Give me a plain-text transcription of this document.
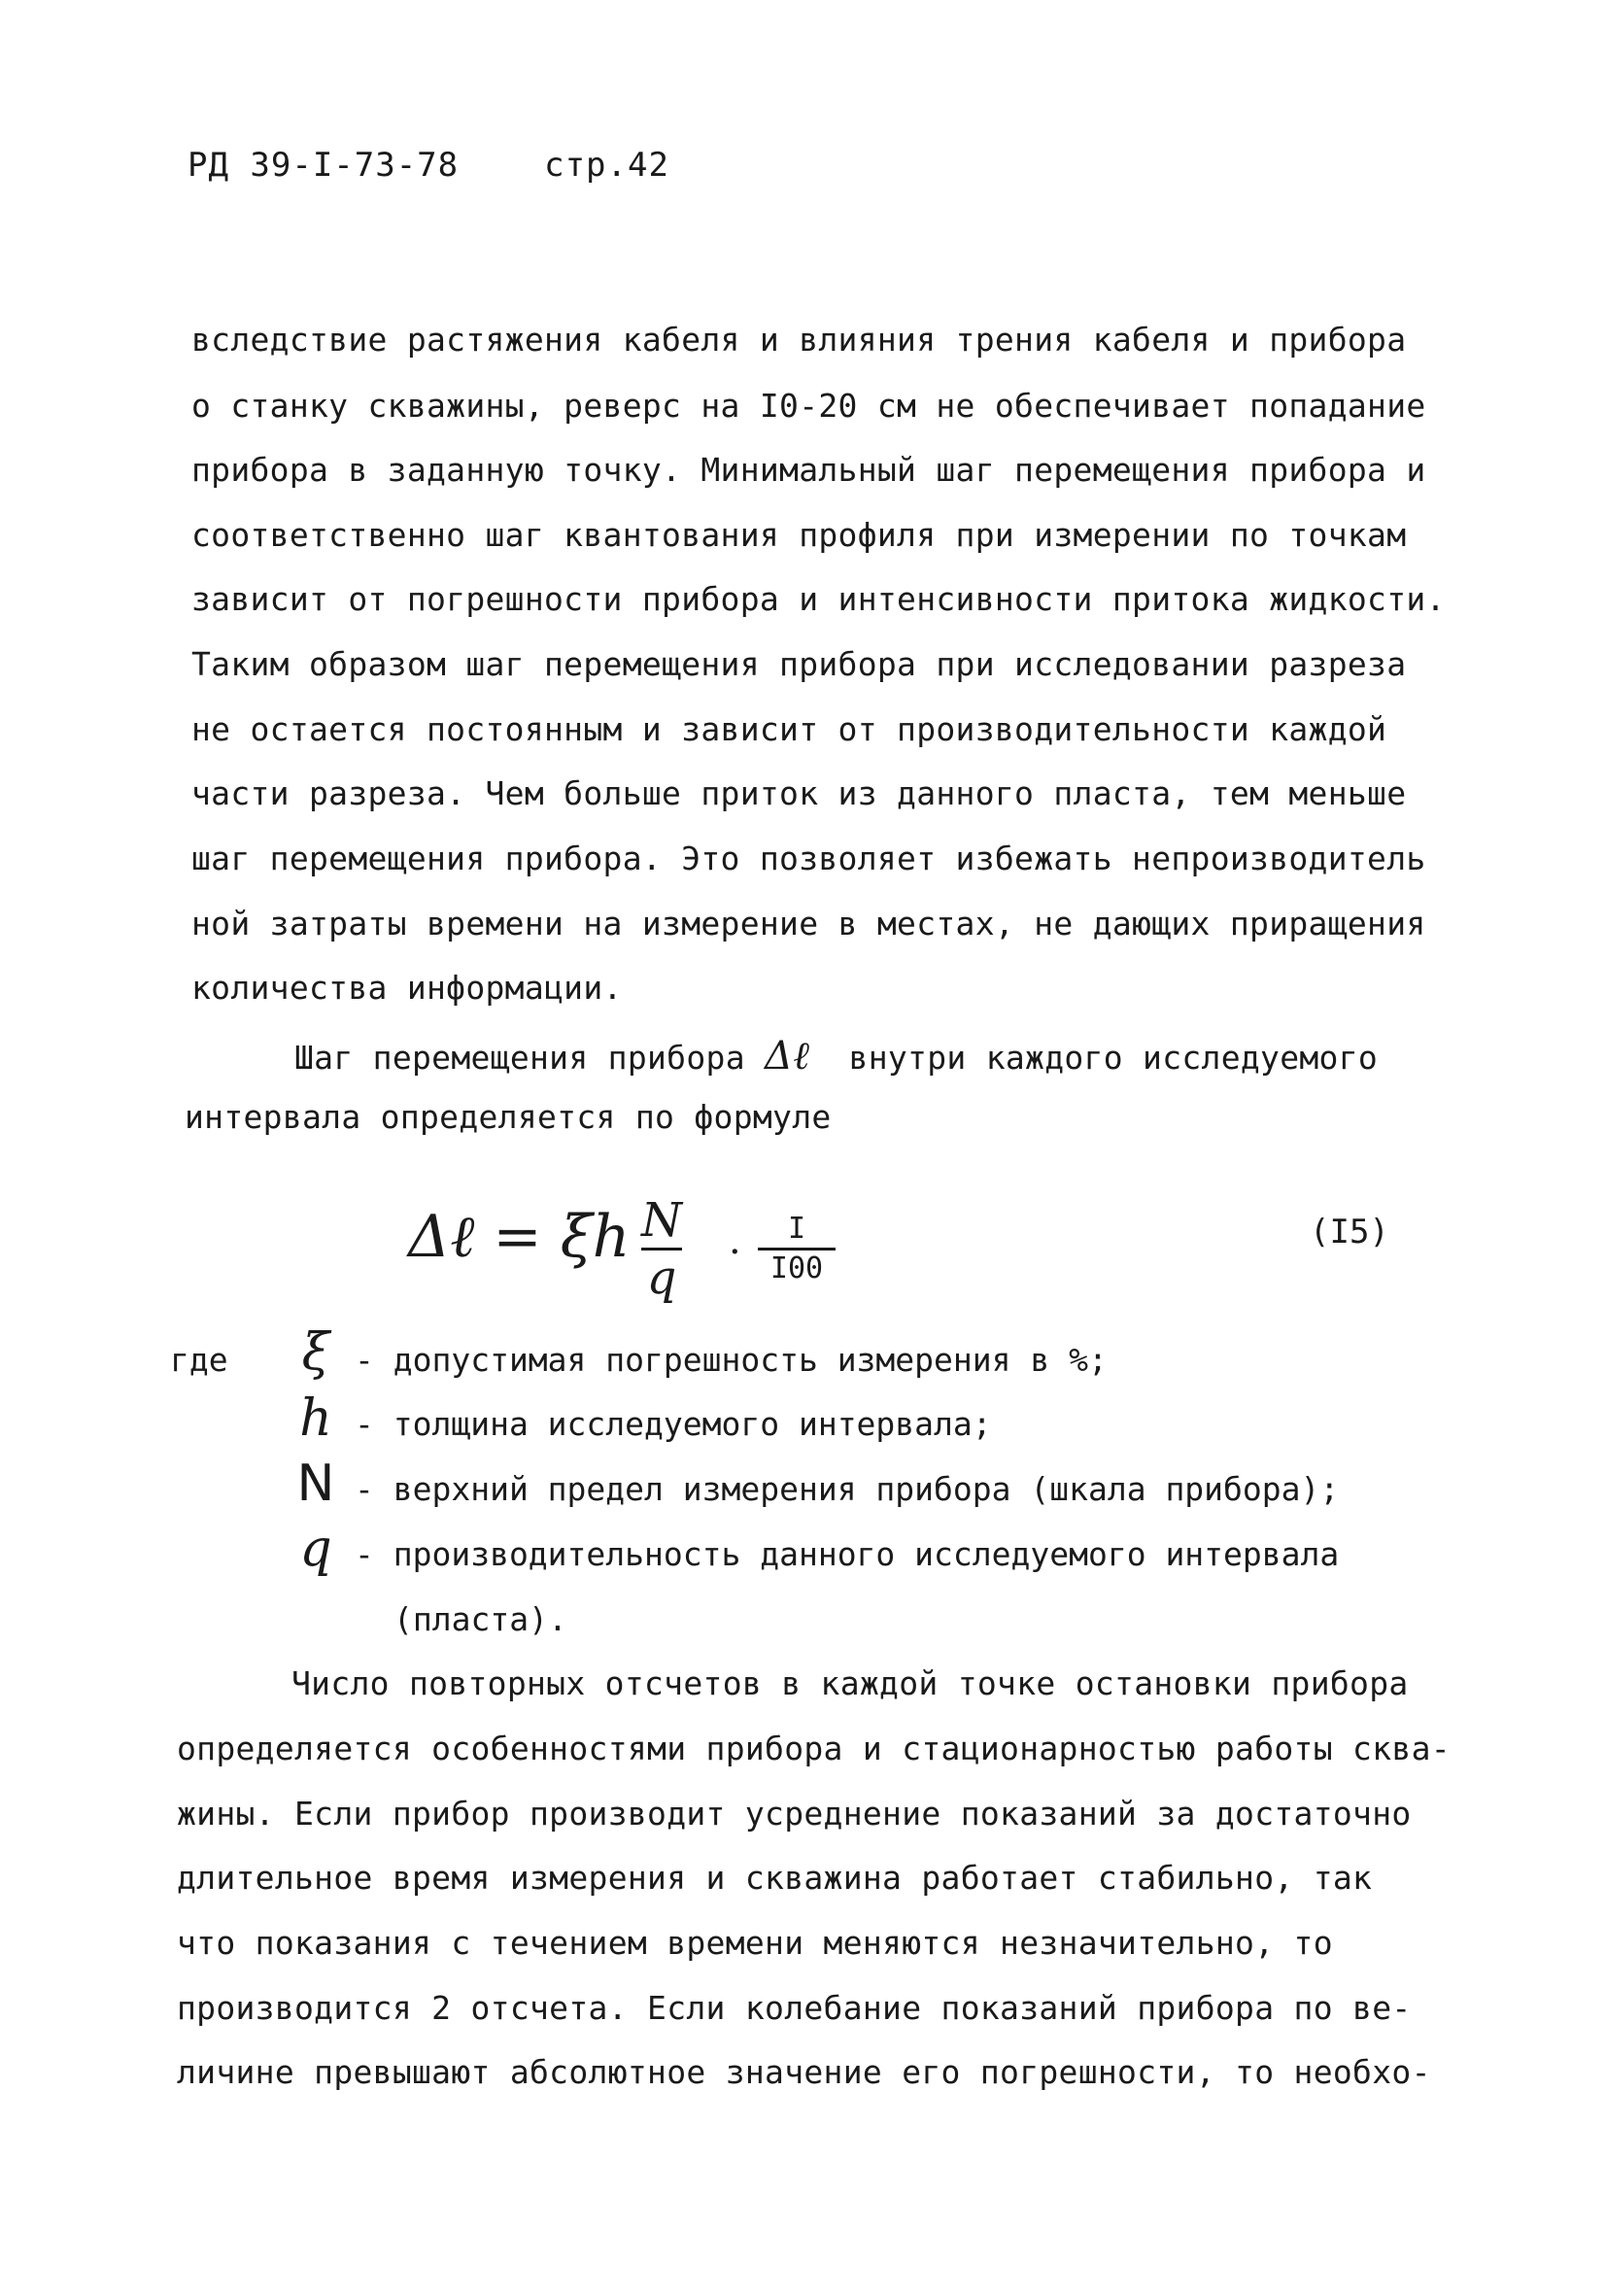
РД 39-I-73-78	стр.42
вследствие растяжения кабеля и влияния трения кабеля и прибора
о станку скважины, реверс на I0-20 см не обеспечивает попадание
прибора в заданную точку. Минимальный шаг перемещения прибора и
соответственно шаг квантования профиля при измерении по точкам
зависит от погрешности прибора и интенсивности притока жидкости.
Таким образом шаг перемещения прибора при исследовании разреза
не остается постоянным и зависит от производительности каждой
части разреза. Чем больше приток из данного пласта, тем меньше
шаг перемещения прибора. Это позволяет избежать непроизводитель
ной затраты времени на измерение в местах, не дающих приращения
количества информации.
Шаг перемещения прибора Δℓ внутри каждого исследуемого
интервала определяется по формуле
Δℓ = ξh N
q ·
I
I00
(I5)
где ξ - допустимая погрешность измерения в %;
h - толщина исследуемого интервала;
N - верхний предел измерения прибора (шкала прибора);
q - производительность данного исследуемого интервала
(пласта).
Число повторных отсчетов в каждой точке остановки прибора
определяется особенностями прибора и стационарностью работы сква-
жины. Если прибор производит усреднение показаний за достаточно
длительное время измерения и скважина работает стабильно, так
что показания с течением времени меняются незначительно, то
производится 2 отсчета. Если колебание показаний прибора по ве-
личине превышают абсолютное значение его погрешности, то необхо-
